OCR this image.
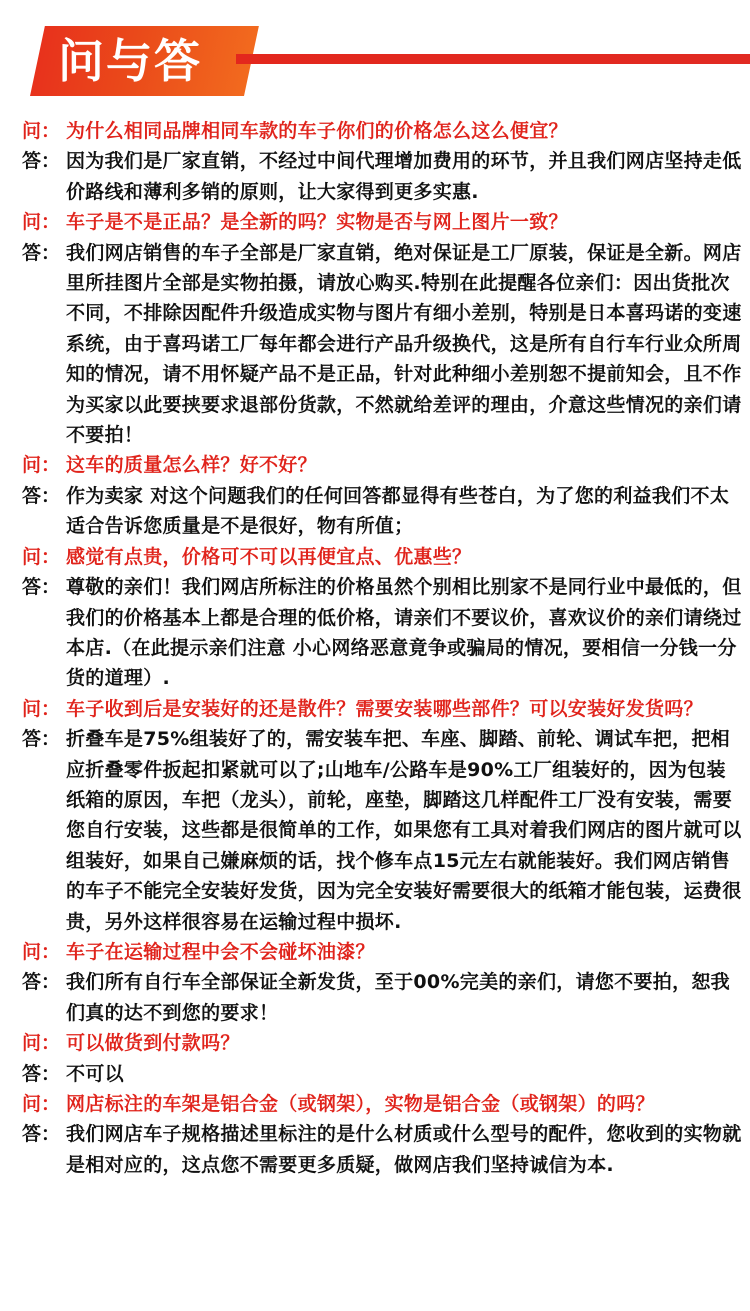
问与答
问： 为什么相同品牌相同车款的车子你们的价格怎么这么便宜？
答： 因为我们是厂家直销，不经过中间代理增加费用的环节，并且我们网店坚持走低价路线和薄利多销的原则，让大家得到更多实惠.
问： 车子是不是正品？是全新的吗？实物是否与网上图片一致？
答： 我们网店销售的车子全部是厂家直销，绝对保证是工厂原装，保证是全新。网店里所挂图片全部是实物拍摄，请放心购买.特别在此提醒各位亲们：因出货批次不同，不排除因配件升级造成实物与图片有细小差别，特别是日本喜玛诺的变速系统，由于喜玛诺工厂每年都会进行产品升级换代，这是所有自行车行业众所周知的情况，请不用怀疑产品不是正品，针对此种细小差别恕不提前知会，且不作为买家以此要挟要求退部份货款，不然就给差评的理由，介意这些情况的亲们请不要拍！
问： 这车的质量怎么样？好不好？
答： 作为卖家 对这个问题我们的任何回答都显得有些苍白，为了您的利益我们不太适合告诉您质量是不是很好，物有所值；
问： 感觉有点贵，价格可不可以再便宜点、优惠些？
答： 尊敬的亲们！我们网店所标注的价格虽然个别相比别家不是同行业中最低的，但我们的价格基本上都是合理的低价格，请亲们不要议价，喜欢议价的亲们请绕过本店.（在此提示亲们注意 小心网络恶意竟争或骗局的情况，要相信一分钱一分货的道理）.
问： 车子收到后是安装好的还是散件？需要安装哪些部件？可以安装好发货吗？
答： 折叠车是75%组装好了的，需安装车把、车座、脚踏、前轮、调试车把，把相应折叠零件扳起扣紧就可以了;山地车/公路车是90%工厂组装好的，因为包装纸箱的原因，车把（龙头），前轮，座垫，脚踏这几样配件工厂没有安装，需要您自行安装，这些都是很简单的工作，如果您有工具对着我们网店的图片就可以组装好，如果自己嫌麻烦的话，找个修车点15元左右就能装好。我们网店销售的车子不能完全安装好发货，因为完全安装好需要很大的纸箱才能包装，运费很贵，另外这样很容易在运输过程中损坏.
问： 车子在运输过程中会不会碰坏油漆？
答： 我们所有自行车全部保证全新发货，至于00%完美的亲们，请您不要拍，恕我们真的达不到您的要求！
问： 可以做货到付款吗？
答： 不可以
问： 网店标注的车架是铝合金（或钢架），实物是铝合金（或钢架）的吗？
答： 我们网店车子规格描述里标注的是什么材质或什么型号的配件，您收到的实物就是相对应的，这点您不需要更多质疑，做网店我们坚持诚信为本.
